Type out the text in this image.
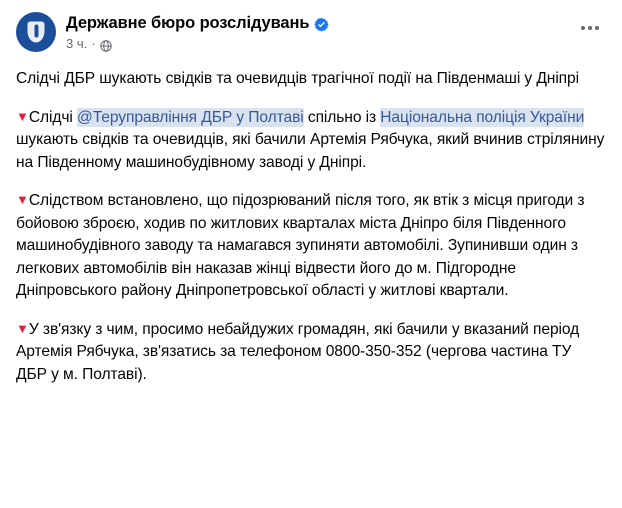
Державне бюро розслідувань
3 ч. ·

Слідчі ДБР шукають свідків та очевидців трагічної події на Південмаші у Дніпрі

▼Слідчі @Теруправління ДБР у Полтаві спільно із Національна поліція України шукають свідків та очевидців, які бачили Артемія Рябчука, який вчинив стрілянину на Південному машинобудівному заводі у Дніпрі.

▼Слідством встановлено, що підозрюваний після того, як втік з місця пригоди з бойовою зброєю, ходив по житлових кварталах міста Дніпро біля Південного машинобудівного заводу та намагався зупиняти автомобілі. Зупинивши один з легкових автомобілів він наказав жінці відвести його до м. Підгородне Дніпровського району Дніпропетровської області у житлові квартали.

▼У зв'язку з чим, просимо небайдужих громадян, які бачили у вказаний період Артемія Рябчука, зв'язатись за телефоном 0800-350-352 (чергова частина ТУ ДБР у м. Полтаві).
